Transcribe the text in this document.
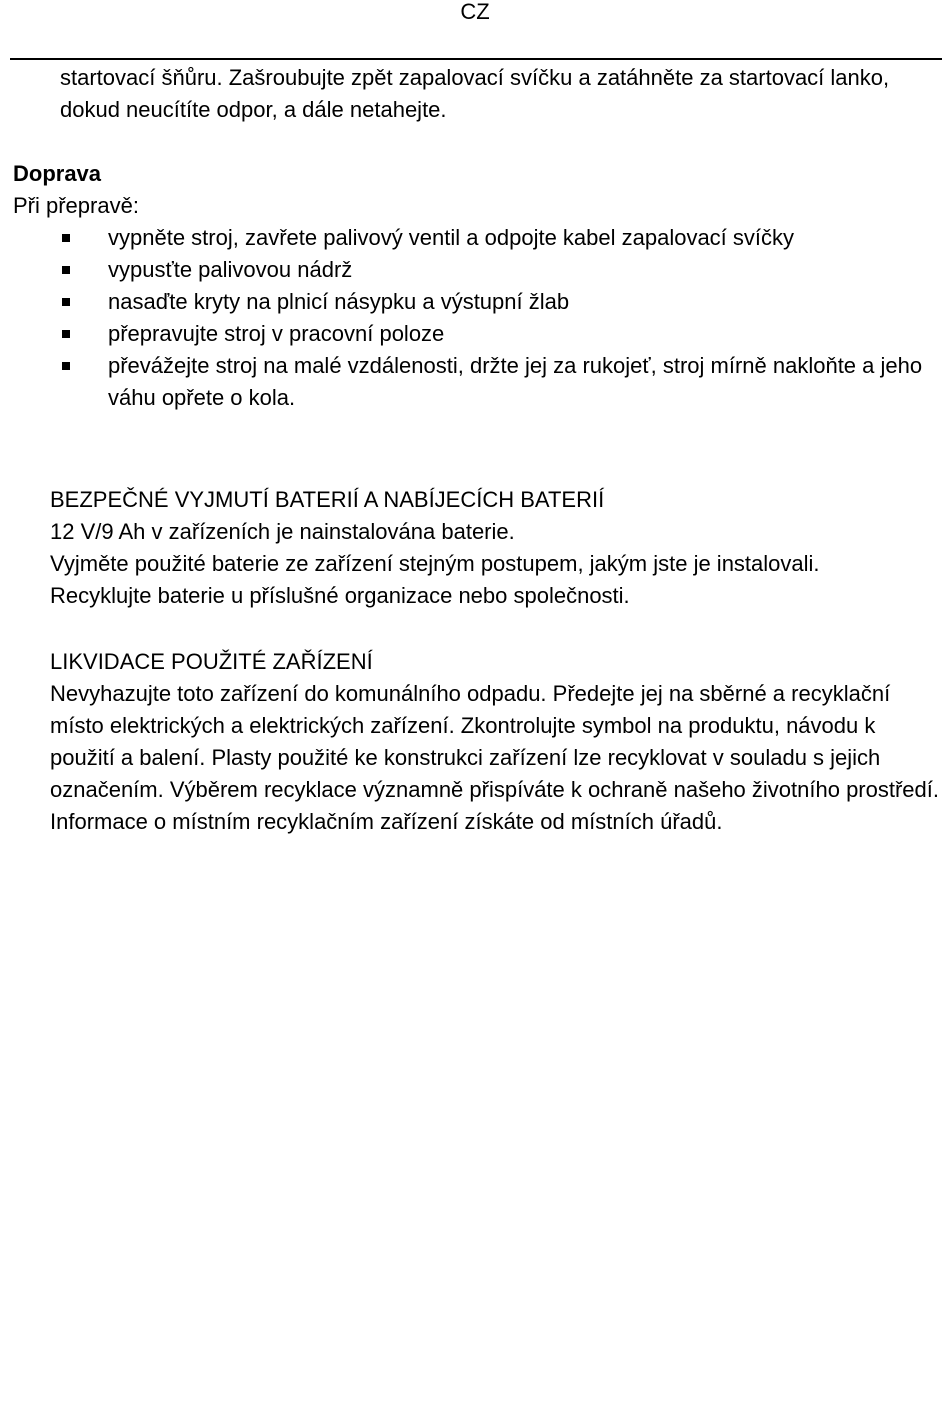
CZ

startovací šňůru. Zašroubujte zpět zapalovací svíčku a zatáhněte za startovací lanko, dokud neucítíte odpor, a dále netahejte.

Doprava

Při přepravě:

vypněte stroj, zavřete palivový ventil a odpojte kabel zapalovací svíčky
vypusťte palivovou nádrž
nasaďte kryty na plnicí násypku a výstupní žlab
přepravujte stroj v pracovní poloze
převážejte stroj na malé vzdálenosti, držte jej za rukojeť, stroj mírně nakloňte a jeho váhu opřete o kola.
BEZPEČNÉ VYJMUTÍ BATERIÍ A NABÍJECÍCH BATERIÍ

12 V/9 Ah v zařízeních je nainstalována baterie.

Vyjměte použité baterie ze zařízení stejným postupem, jakým jste je instalovali.

Recyklujte baterie u příslušné organizace nebo společnosti.

LIKVIDACE POUŽITÉ ZAŘÍZENÍ

Nevyhazujte toto zařízení do komunálního odpadu. Předejte jej na sběrné a recyklační místo elektrických a elektrických zařízení. Zkontrolujte symbol na produktu, návodu k použití a balení. Plasty použité ke konstrukci zařízení lze recyklovat v souladu s jejich označením. Výběrem recyklace významně přispíváte k ochraně našeho životního prostředí.

Informace o místním recyklačním zařízení získáte od místních úřadů.
